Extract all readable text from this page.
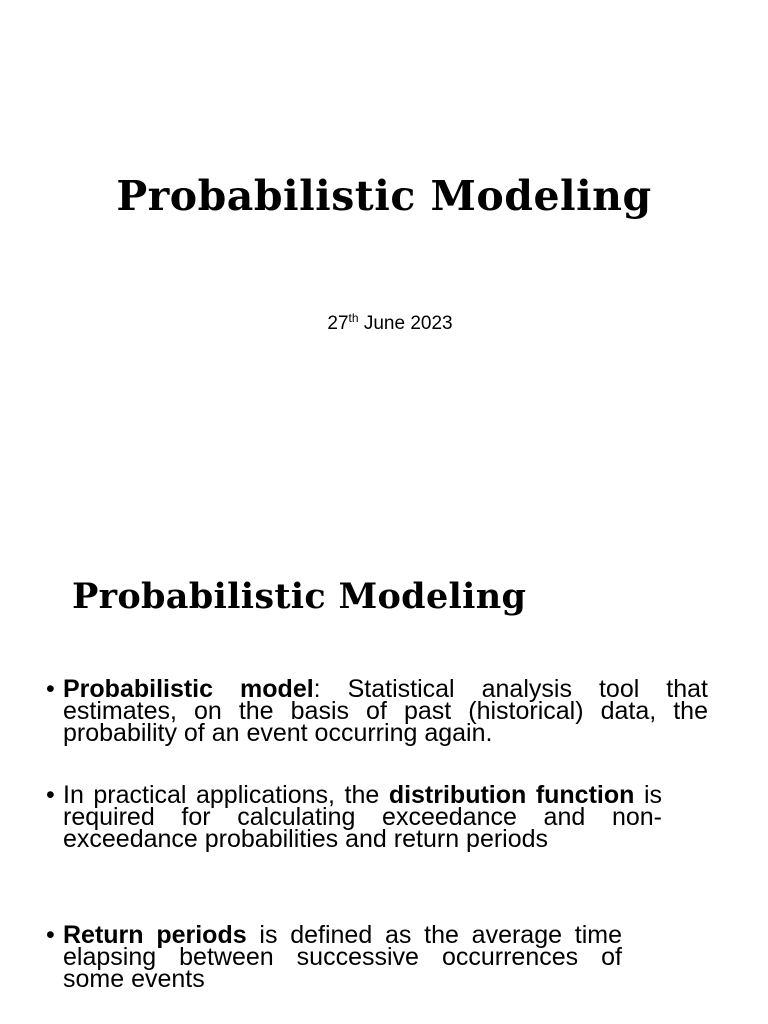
Probabilistic Modeling

27th June 2023

Probabilistic Modeling
• Probabilistic model: Statistical analysis tool that estimates, on the basis of past (historical) data, the probability of an event occurring again.
• In practical applications, the distribution function is required for calculating exceedance and non-exceedance probabilities and return periods
• Return periods is defined as the average time elapsing between successive occurrences of some events
